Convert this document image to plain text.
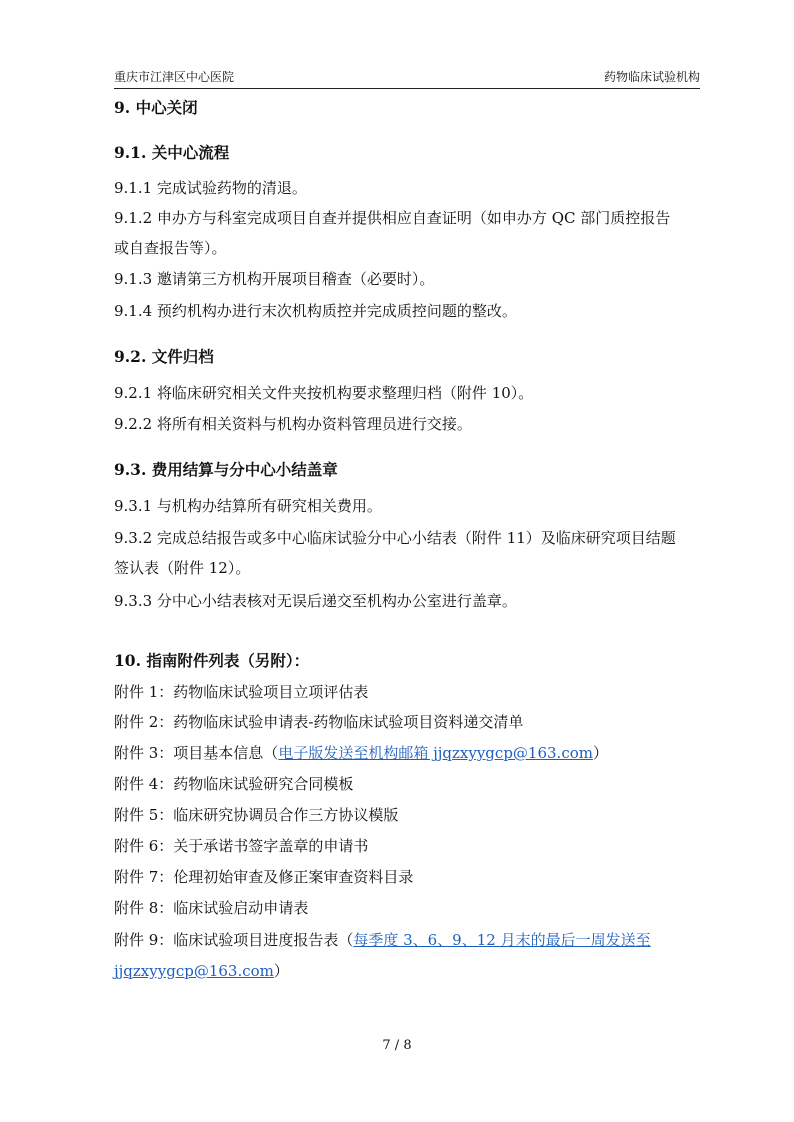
重庆市江津区中心医院	药物临床试验机构
9. 中心关闭
9.1. 关中心流程
9.1.1 完成试验药物的清退。
9.1.2 申办方与科室完成项目自查并提供相应自查证明（如申办方 QC 部门质控报告
或自查报告等）。
9.1.3 邀请第三方机构开展项目稽查（必要时）。
9.1.4 预约机构办进行末次机构质控并完成质控问题的整改。
9.2. 文件归档
9.2.1 将临床研究相关文件夹按机构要求整理归档（附件 10）。
9.2.2 将所有相关资料与机构办资料管理员进行交接。
9.3. 费用结算与分中心小结盖章
9.3.1 与机构办结算所有研究相关费用。
9.3.2 完成总结报告或多中心临床试验分中心小结表（附件 11）及临床研究项目结题
签认表（附件 12）。
9.3.3 分中心小结表核对无误后递交至机构办公室进行盖章。
10. 指南附件列表（另附）：
附件 1：药物临床试验项目立项评估表
附件 2：药物临床试验申请表-药物临床试验项目资料递交清单
附件 3：项目基本信息（电子版发送至机构邮箱 jjqzxyygcp@163.com）
附件 4：药物临床试验研究合同模板
附件 5：临床研究协调员合作三方协议模版
附件 6：关于承诺书签字盖章的申请书
附件 7：伦理初始审查及修正案审查资料目录
附件 8：临床试验启动申请表
附件 9：临床试验项目进度报告表（每季度 3、6、9、12 月末的最后一周发送至
jjqzxyygcp@163.com）
7 / 8
